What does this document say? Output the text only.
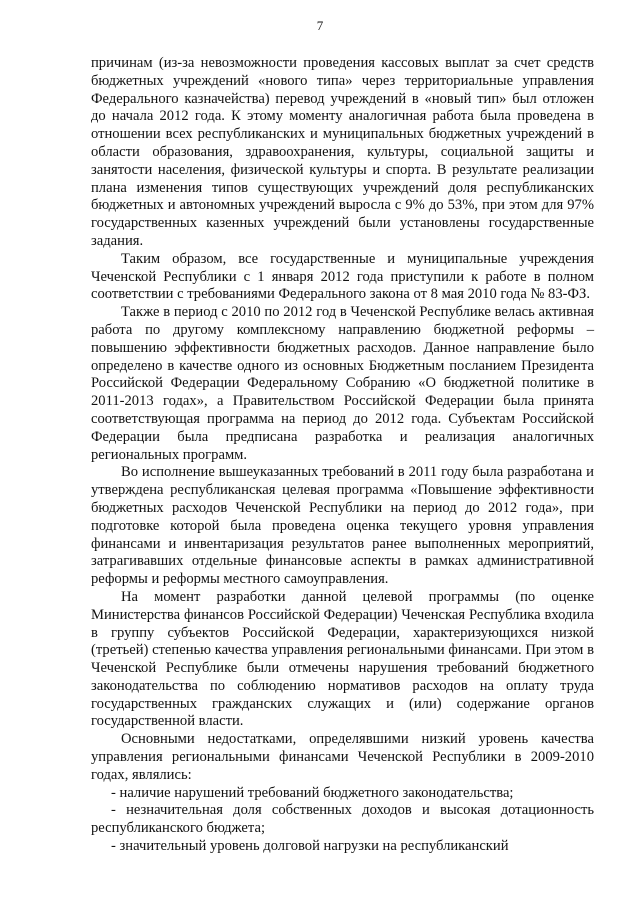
7

причинам (из-за невозможности проведения кассовых выплат за счет средств бюджетных учреждений «нового типа» через территориальные управления Федерального казначейства) перевод учреждений в «новый тип» был отложен до начала 2012 года. К этому моменту аналогичная работа была проведена в отношении всех республиканских и муниципальных бюджетных учреждений в области образования, здравоохранения, культуры, социальной защиты и занятости населения, физической культуры и спорта. В результате реализации плана изменения типов существующих учреждений доля республиканских бюджетных и автономных учреждений выросла с 9% до 53%, при этом для 97% государственных казенных учреждений были установлены государственные задания.

Таким образом, все государственные и муниципальные учреждения Чеченской Республики с 1 января 2012 года приступили к работе в полном соответствии с требованиями Федерального закона от 8 мая 2010 года № 83-ФЗ.

Также в период с 2010 по 2012 год в Чеченской Республике велась активная работа по другому комплексному направлению бюджетной реформы – повышению эффективности бюджетных расходов. Данное направление было определено в качестве одного из основных Бюджетным посланием Президента Российской Федерации Федеральному Собранию «О бюджетной политике в 2011-2013 годах», а Правительством Российской Федерации была принята соответствующая программа на период до 2012 года. Субъектам Российской Федерации была предписана разработка и реализация аналогичных региональных программ.

Во исполнение вышеуказанных требований в 2011 году была разработана и утверждена республиканская целевая программа «Повышение эффективности бюджетных расходов Чеченской Республики на период до 2012 года», при подготовке которой была проведена оценка текущего уровня управления финансами и инвентаризация результатов ранее выполненных мероприятий, затрагивавших отдельные финансовые аспекты в рамках административной реформы и реформы местного самоуправления.

На момент разработки данной целевой программы (по оценке Министерства финансов Российской Федерации) Чеченская Республика входила в группу субъектов Российской Федерации, характеризующихся низкой (третьей) степенью качества управления региональными финансами. При этом в Чеченской Республике были отмечены нарушения требований бюджетного законодательства по соблюдению нормативов расходов на оплату труда государственных гражданских служащих и (или) содержание органов государственной власти.

Основными недостатками, определявшими низкий уровень качества управления региональными финансами Чеченской Республики в 2009-2010 годах, являлись:

- наличие нарушений требований бюджетного законодательства;

- незначительная доля собственных доходов и высокая дотационность республиканского бюджета;

- значительный уровень долговой нагрузки на республиканский
